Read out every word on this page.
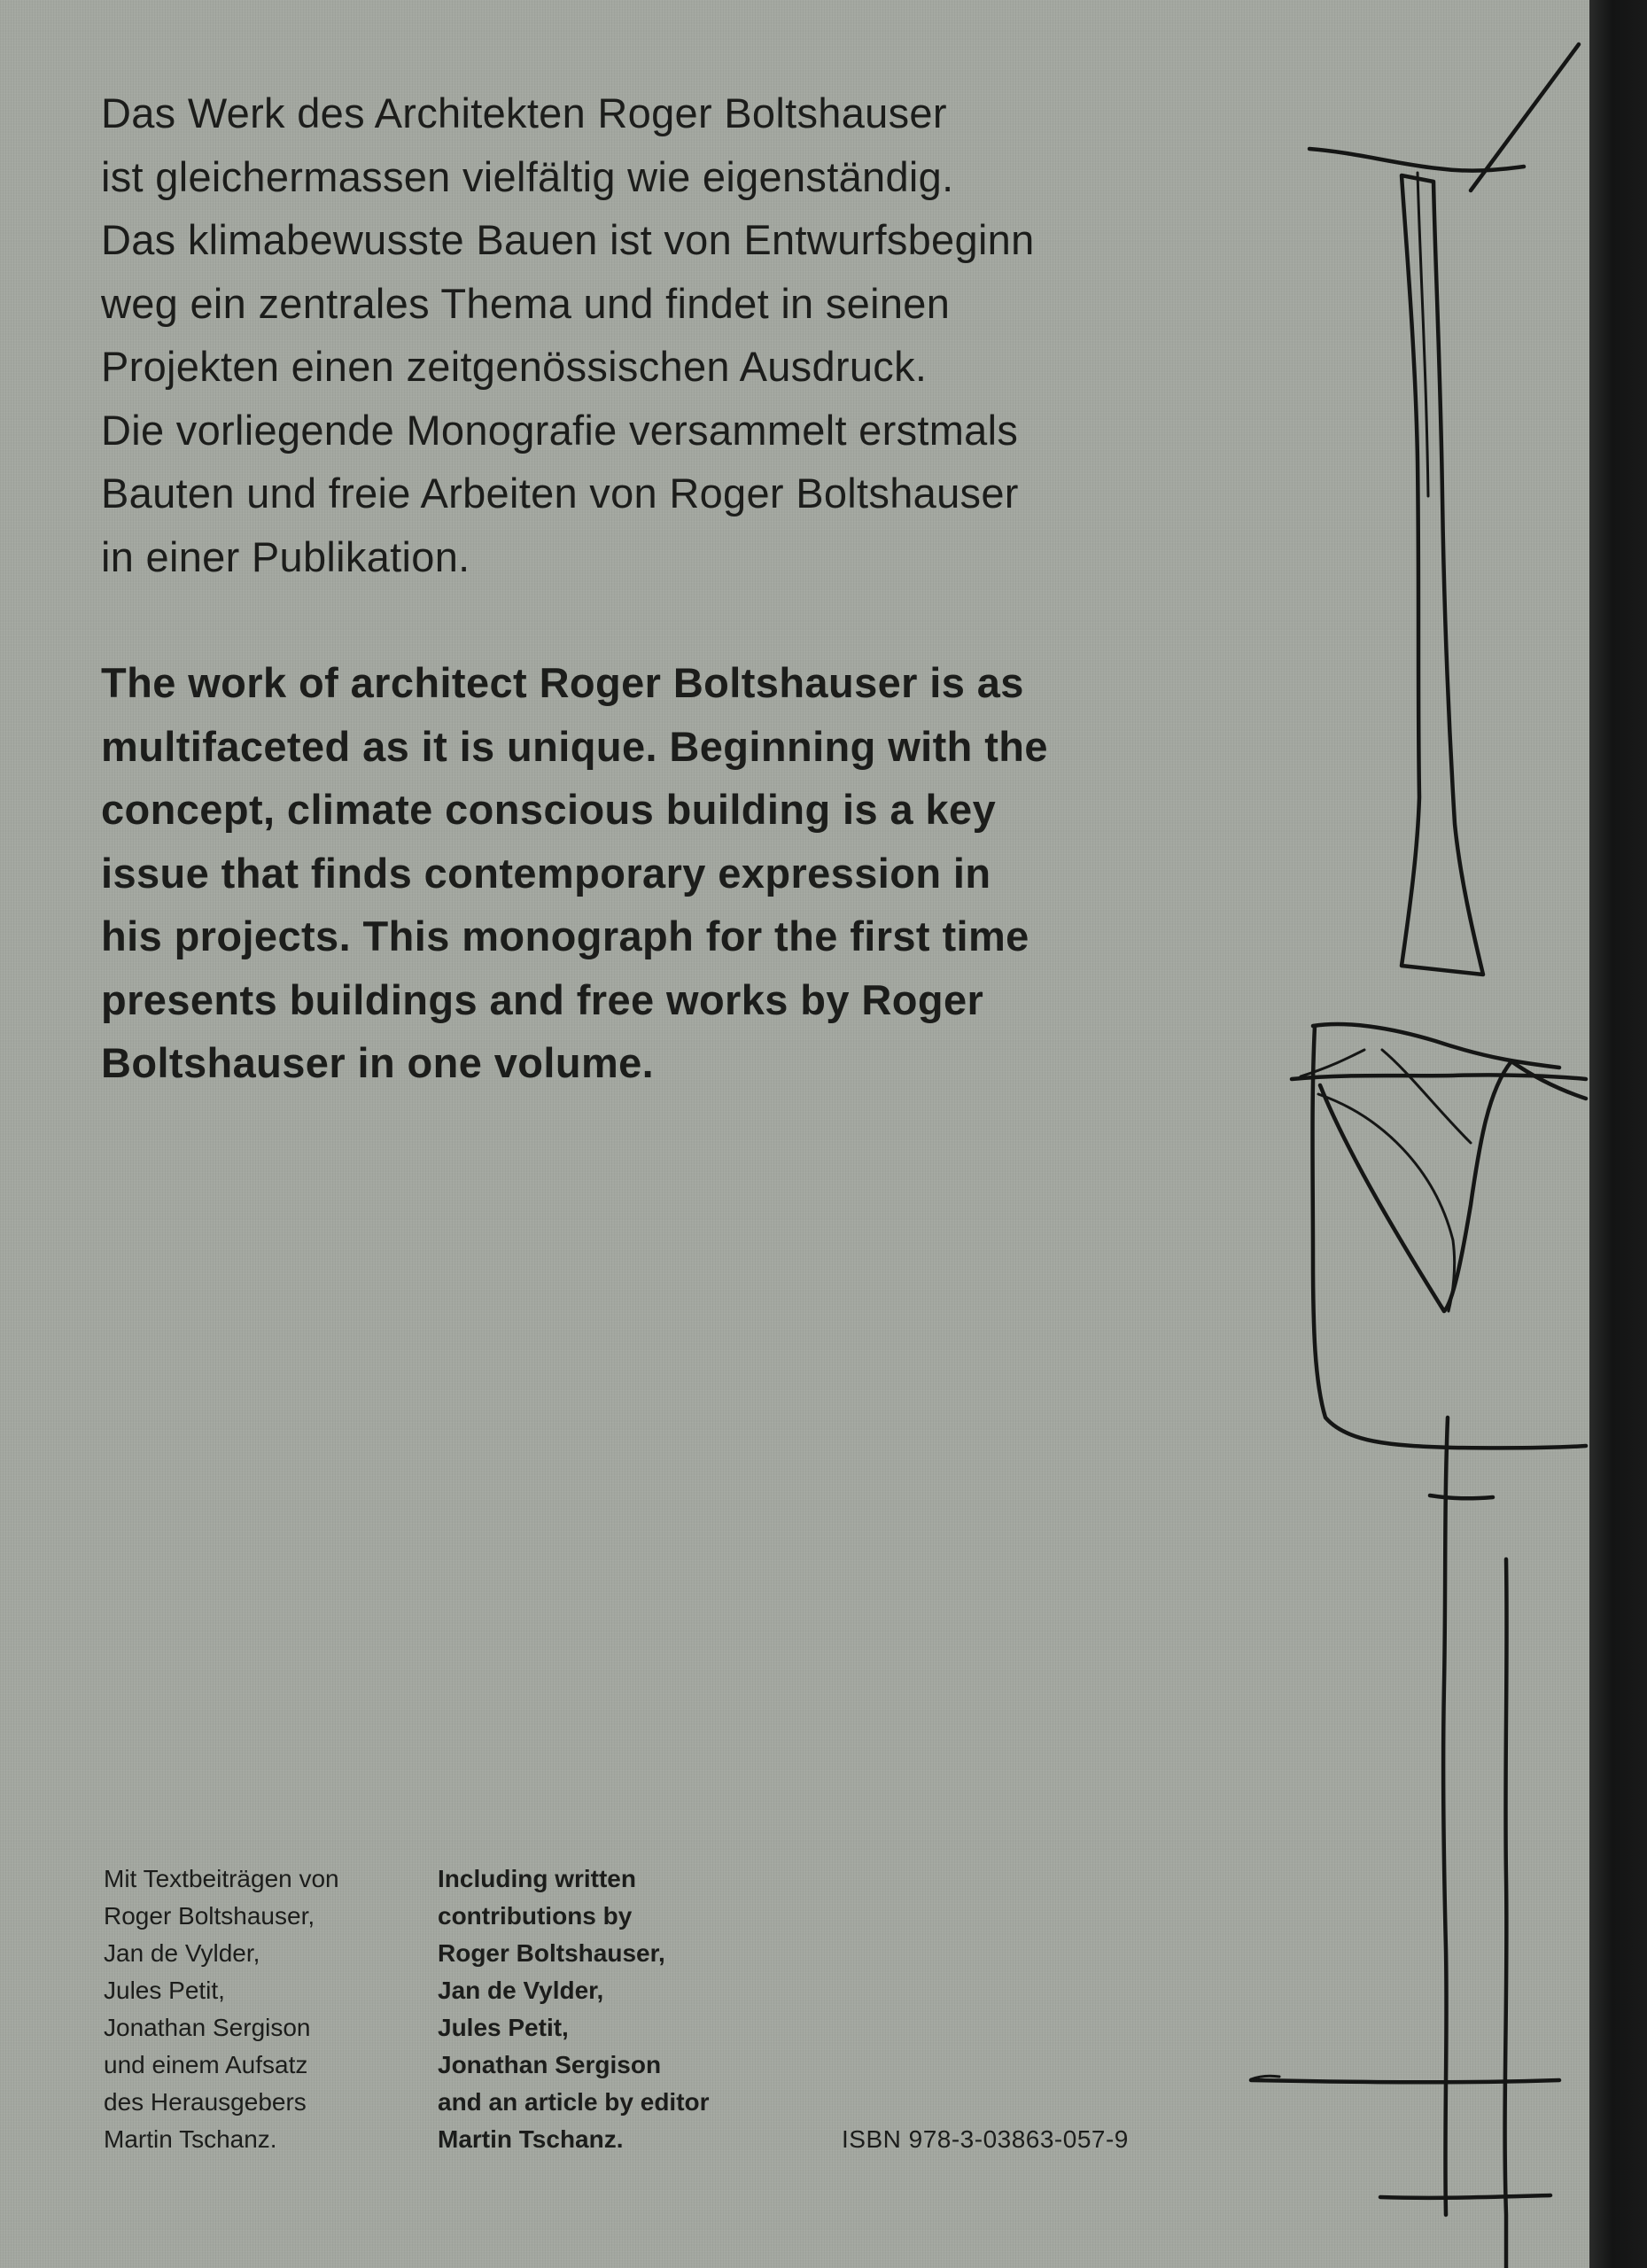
Das Werk des Architekten Roger Boltshauser
ist gleichermassen vielfältig wie eigenständig.
Das klimabewusste Bauen ist von Entwurfsbeginn
weg ein zentrales Thema und findet in seinen
Projekten einen zeitgenössischen Ausdruck.
Die vorliegende Monografie versammelt erstmals
Bauten und freie Arbeiten von Roger Boltshauser
in einer Publikation.

The work of architect Roger Boltshauser is as
multifaceted as it is unique. Beginning with the
concept, climate conscious building is a key
issue that finds contemporary expression in
his projects. This monograph for the first time
presents buildings and free works by Roger
Boltshauser in one volume.

Mit Textbeiträgen von
Roger Boltshauser,
Jan de Vylder,
Jules Petit,
Jonathan Sergison
und einem Aufsatz
des Herausgebers
Martin Tschanz.

Including written
contributions by
Roger Boltshauser,
Jan de Vylder,
Jules Petit,
Jonathan Sergison
and an article by editor
Martin Tschanz.	ISBN 978-3-03863-057-9
